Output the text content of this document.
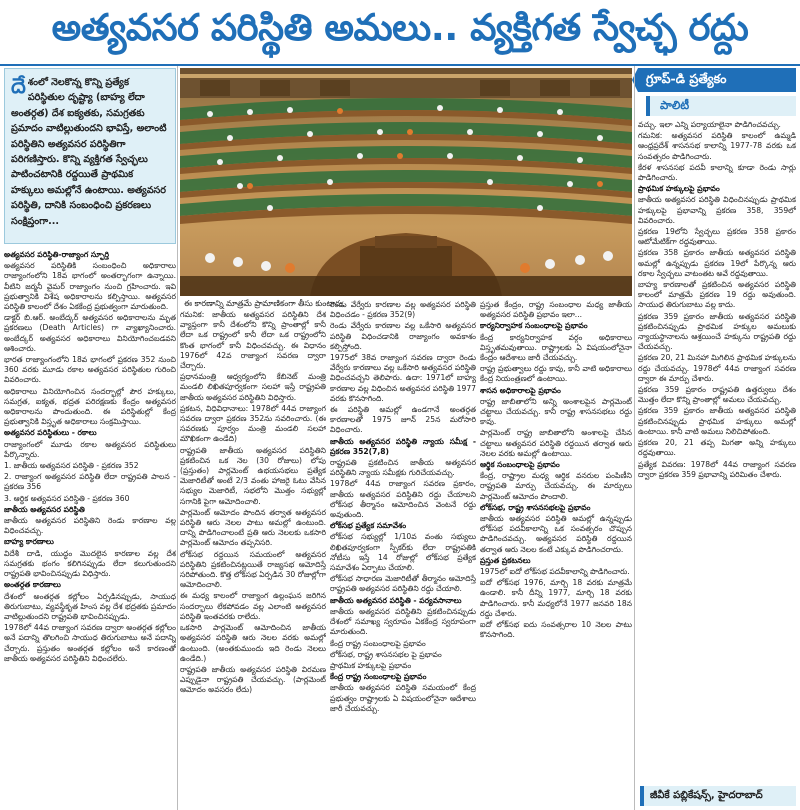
అత్యవసర పరిస్థితి అమలు.. వ్యక్తిగత స్వేచ్ఛ రద్దు
దేశంలో నెలకొన్న కొన్ని ప్రత్యేక పరిస్థితుల దృష్ట్యా (బాహ్య లేదా అంతర్గత) దేశ ఐక్యతకు, సమగ్రతకు ప్రమాదం వాటిల్లుతుందని భావిస్తే, అలాంటి పరిస్థితిని అత్యవసర పరిస్థితిగా పరిగణిస్తారు. కొన్ని వ్యక్తిగత స్వేచ్ఛలు పాటించటానికి రద్దయితే ప్రాథమిక హక్కులు అమల్లోనే ఉంటాయి. అత్యవసర పరిస్థితి, దానికి సంబంధించి ప్రకరణలు సంక్షిప్తంగా...
ఈ కారణాన్ని మాత్రమే ప్రామాణికంగా తీసు కుంటారు.
గ్రూప్-డి ప్రత్యేకం
పాలిటీ

అత్యవసర పరిస్థితి-రాజ్యాంగ స్ఫూర్తి

అత్యవసర పరిస్థితికి సంబంధించి అధికారాలు రాజ్యాంగంలోని 18వ భాగంలో అంతర్భాగంగా ఉన్నాయి. వీటిని జర్మనీ వైమర్ రాజ్యాంగం నుంచి గ్రహించారు. ఇవి ప్రభుత్వానికి విశేష అధికారాలను కల్పిస్తాయి. అత్యవసర పరిస్థితి కాలంలో దేశం ఏకకేంద్ర ప్రభుత్వంగా మారుతుంది.

డాక్టర్ బి.ఆర్. అంబేద్కర్ అత్యవసర అధికారాలను మృత ప్రకరణలు (Death Articles) గా వ్యాఖ్యానించారు. అంబేద్కర్ అత్యవసర అధికారాలు వినియోగించబడవని ఆశించారు.

భారత రాజ్యాంగంలోని 18వ భాగంలో ప్రకరణ 352 నుంచి 360 వరకు మూడు రకాల అత్యవసర పరిస్థితుల గురించి వివరించారు.

అధికారాలు వినియోగించిన సందర్భాల్లో పౌర హక్కులు, సమగ్రత, ఐక్యత, భద్రత పరిరక్షణకు కేంద్రం అత్యవసర అధికారాలను పొందుతుంది. ఈ పరిస్థితుల్లో కేంద్ర ప్రభుత్వానికి విస్తృత అధికారాలు సంక్రమిస్తాయి.

అత్యవసర పరిస్థితులు - రకాలు

రాజ్యాంగంలో మూడు రకాల అత్యవసర పరిస్థితులు పేర్కొన్నారు.

1. జాతీయ అత్యవసర పరిస్థితి - ప్రకరణ 352

2. రాజ్యాంగ అత్యవసర పరిస్థితి లేదా రాష్ట్రపతి పాలన - ప్రకరణ 356

3. ఆర్థిక అత్యవసర పరిస్థితి - ప్రకరణ 360

జాతీయ అత్యవసర పరిస్థితి

జాతీయ అత్యవసర పరిస్థితిని రెండు కారణాల వల్ల విధించవచ్చు.

బాహ్య కారణాలు

విదేశీ దాడి, యుద్ధం మొదలైన కారణాల వల్ల దేశ సమగ్రతకు భంగం కలిగినప్పుడు లేదా కలుగుతుందని రాష్ట్రపతి భావించినప్పుడు విధిస్తారు.

అంతర్గత కారణాలు

దేశంలో అంతర్గత కల్లోలం ఏర్పడినప్పుడు, సాయుధ తిరుగుబాటు, వ్యవస్థీకృత హింస వల్ల దేశ భద్రతకు ప్రమాదం వాటిల్లుతుందని రాష్ట్రపతి భావించినప్పుడు.

1978లో 44వ రాజ్యాంగ సవరణ ద్వారా అంతర్గత కల్లోలం అనే పదాన్ని తొలగించి సాయుధ తిరుగుబాటు అనే పదాన్ని చేర్చారు. ప్రస్తుతం అంతర్గత కల్లోలం అనే కారణంతో జాతీయ అత్యవసర పరిస్థితిని విధించలేరు.

గమనిక: జాతీయ అత్యవసర పరిస్థితిని దేశ వ్యాప్తంగా కానీ దేశంలోని కొన్ని ప్రాంతాల్లో కానీ లేదా ఒక రాష్ట్రంలో కానీ లేదా ఒక రాష్ట్రంలోని కొంత భాగంలో కానీ విధించవచ్చు. ఈ విధానం 1976లో 42వ రాజ్యాంగ సవరణ ద్వారా చేర్చారు.

ప్రధానమంత్రి ఆధ్వర్యంలోని కేబినెట్ మంత్రి మండలి లిఖితపూర్వకంగా సలహా ఇస్తే రాష్ట్రపతి జాతీయ అత్యవసర పరిస్థితిని విధిస్తారు.

ప్రకటన, విధివిధానాలు: 1978లో 44వ రాజ్యాంగ సవరణ ద్వారా ప్రకరణ 352ను సవరించారు. (ఈ సవరణకు పూర్వం మంత్రి మండలి సలహా మౌఖికంగా ఉండేది)

రాష్ట్రపతి జాతీయ అత్యవసర పరిస్థితిని ప్రకటించిన ఒక నెల (30 రోజులు) లోపు (ప్రస్తుతం) పార్లమెంట్ ఉభయసభలు ప్రత్యేక మెజారిటీతో అంటే 2/3 వంతు హాజరై ఓటు వేసిన సభ్యుల మెజారిటీ, సభలోని మొత్తం సభ్యుల్లో సగానికి పైగా ఆమోదించాలి.

పార్లమెంట్ ఆమోదం పొందిన తర్వాత అత్యవసర పరిస్థితి ఆరు నెలల పాటు అమల్లో ఉంటుంది. దాన్ని పొడిగించాలంటే ప్రతి ఆరు నెలలకు ఒకసారి పార్లమెంట్ ఆమోదం తప్పనిసరి.

లోక్‌సభ రద్దయిన సమయంలో అత్యవసర పరిస్థితిని ప్రకటించినట్లయితే రాజ్యసభ ఆమోదిస్తే సరిపోతుంది. కొత్త లోక్‌సభ ఏర్పడిన 30 రోజుల్లోగా ఆమోదించాలి.

ఈ మధ్య కాలంలో రాజ్యాంగ ఉల్లంఘన జరిగిన సందర్భాలు లేకపోవడం వల్ల ఎలాంటి అత్యవసర పరిస్థితి ఇంతవరకు రాలేదు.

ఒకసారి పార్లమెంట్ ఆమోదించిన జాతీయ అత్యవసర పరిస్థితి ఆరు నెలల వరకు అమల్లో ఉంటుంది. (అంతకుముందు ఇది రెండు నెలలు ఉండేది.)

రాష్ట్రపతి జాతీయ అత్యవసర పరిస్థితి విరమణ ఎప్పుడైనా రాష్ట్రపతి చేయవచ్చు. (పార్లమెంట్ ఆమోదం అవసరం లేదు)

రెండు వేర్వేరు కారణాల వల్ల అత్యవసర పరిస్థితి విధించడం - ప్రకరణ 352(9)

రెండు వేర్వేరు కారణాల వల్ల ఒకేసారి అత్యవసర పరిస్థితి విధించడానికి రాజ్యాంగం అవకాశం కల్పిస్తోంది.

1975లో 38వ రాజ్యాంగ సవరణ ద్వారా రెండు వేర్వేరు కారణాలు వల్ల ఒకేసారి అత్యవసర పరిస్థితి విధించవచ్చని తెలిపారు. ఉదా: 1971లో బాహ్య కారణాల వల్ల విధించిన అత్యవసర పరిస్థితి 1977 వరకు కొనసాగింది.

ఈ పరిస్థితి అమల్లో ఉండగానే అంతర్గత కారణాలతో 1975 జూన్ 25న మరోసారి విధించారు.

జాతీయ అత్యవసర పరిస్థితి న్యాయ సమీక్ష - ప్రకరణ 352(7,8)

రాష్ట్రపతి ప్రకటించిన జాతీయ అత్యవసర పరిస్థితిని న్యాయ సమీక్షకు గురిచేయవచ్చు.

1978లో 44వ రాజ్యాంగ సవరణ ప్రకారం, జాతీయ అత్యవసర పరిస్థితిని రద్దు చేయాలని లోక్‌సభ తీర్మానం ఆమోదించిన వెంటనే రద్దు అవుతుంది.

లోక్‌సభ ప్రత్యేక సమావేశం

లోక్‌సభ సభ్యుల్లో 1/10వ వంతు సభ్యులు లిఖితపూర్వకంగా స్పీకర్‌కు లేదా రాష్ట్రపతికి నోటీసు ఇస్తే 14 రోజుల్లో లోక్‌సభ ప్రత్యేక సమావేశం ఏర్పాటు చేయాలి.

లోక్‌సభ సాధారణ మెజారిటీతో తీర్మానం ఆమోదిస్తే రాష్ట్రపతి అత్యవసర పరిస్థితిని రద్దు చేయాలి.

జాతీయ అత్యవసర పరిస్థితి - పర్యవసానాలు

జాతీయ అత్యవసర పరిస్థితిని ప్రకటించినప్పుడు దేశంలో సమాఖ్య స్వరూపం ఏకకేంద్ర స్వరూపంగా మారుతుంది.

కేంద్ర రాష్ట్ర సంబంధాలపై ప్రభావం

లోక్‌సభ, రాష్ట్ర శాసనసభల పై ప్రభావం

ప్రాథమిక హక్కులపై ప్రభావం

కేంద్ర రాష్ట్ర సంబంధాలపై ప్రభావం

జాతీయ అత్యవసర పరిస్థితి సమయంలో కేంద్ర ప్రభుత్వం రాష్ట్రాలకు ఏ విషయంలోనైనా ఆదేశాలు జారీ చేయవచ్చు.

ప్రస్తుత కేంద్రం, రాష్ట్ర సంబంధాల మధ్య జాతీయ అత్యవసర పరిస్థితి ప్రభావం ఇలా...

కార్యనిర్వాహక సంబంధాలపై ప్రభావం

కేంద్ర కార్యనిర్వాహక వర్గం అధికారాలు విస్తృతమవుతాయి. రాష్ట్రాలకు ఏ విషయంలోనైనా కేంద్రం ఆదేశాలు జారీ చేయవచ్చు.

రాష్ట్ర ప్రభుత్వాలు రద్దు కావు, కానీ వాటి అధికారాలు కేంద్ర నియంత్రణలో ఉంటాయి.

శాసన అధికారాలపై ప్రభావం

రాష్ట్ర జాబితాలోని అన్ని అంశాలపైన పార్లమెంట్ చట్టాలు చేయవచ్చు. కానీ రాష్ట్ర శాసనసభలు రద్దు కావు.

పార్లమెంట్ రాష్ట్ర జాబితాలోని అంశాలపై చేసిన చట్టాలు అత్యవసర పరిస్థితి రద్దయిన తర్వాత ఆరు నెలల వరకు అమల్లో ఉంటాయి.

ఆర్థిక సంబంధాలపై ప్రభావం

కేంద్ర, రాష్ట్రాల మధ్య ఆర్థిక వనరుల పంపిణీని రాష్ట్రపతి మార్పు చేయవచ్చు. ఈ మార్పులు పార్లమెంట్ ఆమోదం పొందాలి.

లోక్‌సభ, రాష్ట్ర శాసనసభలపై ప్రభావం

జాతీయ అత్యవసర పరిస్థితి అమల్లో ఉన్నప్పుడు లోక్‌సభ పదవీకాలాన్ని ఒక సంవత్సరం చొప్పున పొడిగించవచ్చు. అత్యవసర పరిస్థితి రద్దయిన తర్వాత ఆరు నెలల కంటే ఎక్కువ పొడిగించరాదు.

ప్రస్తుత ప్రకటనలు

1975లో ఐదో లోక్‌సభ పదవీకాలాన్ని పొడిగించారు.

ఐదో లోక్‌సభ 1976, మార్చి 18 వరకు మాత్రమే ఉండాలి. కానీ దీన్ని 1977, మార్చి 18 వరకు పొడిగించారు. కానీ మధ్యలోనే 1977 జనవరి 18న రద్దు చేశారు.

ఐదో లోక్‌సభ ఐదు సంవత్సరాల 10 నెలల పాటు కొనసాగింది.

వచ్చు. ఇలా ఎన్ని పర్యాయాలైనా పొడిగించవచ్చు.

గమనిక: అత్యవసర పరిస్థితి కాలంలో ఉమ్మడి ఆంధ్రప్రదేశ్ శాసనసభ కాలాన్ని 1977-78 వరకు ఒక సంవత్సరం పొడిగించారు.

కేరళ శాసనసభ పదవీ కాలాన్ని కూడా రెండు సార్లు పొడిగించారు.

ప్రాథమిక హక్కులపై ప్రభావం

జాతీయ అత్యవసర పరిస్థితి విధించినప్పుడు ప్రాథమిక హక్కులపై ప్రభావాన్ని ప్రకరణ 358, 359లో వివరించారు.

ప్రకరణ 19లోని స్వేచ్ఛలు ప్రకరణ 358 ప్రకారం ఆటోమేటిక్‌గా రద్దవుతాయి.

ప్రకరణ 358 ప్రకారం జాతీయ అత్యవసర పరిస్థితి అమల్లో ఉన్నప్పుడు ప్రకరణ 19లో పేర్కొన్న ఆరు రకాల స్వేచ్ఛలు వాటంతట అవే రద్దవుతాయి.

బాహ్య కారణాలతో ప్రకటించిన అత్యవసర పరిస్థితి కాలంలో మాత్రమే ప్రకరణ 19 రద్దు అవుతుంది. సాయుధ తిరుగుబాటు వల్ల కాదు.

ప్రకరణ 359 ప్రకారం జాతీయ అత్యవసర పరిస్థితి ప్రకటించినప్పుడు ప్రాథమిక హక్కుల అమలుకు న్యాయస్థానాలను ఆశ్రయించే హక్కును రాష్ట్రపతి రద్దు చేయవచ్చు.

ప్రకరణ 20, 21 మినహా మిగిలిన ప్రాథమిక హక్కులను రద్దు చేయవచ్చు. 1978లో 44వ రాజ్యాంగ సవరణ ద్వారా ఈ మార్పు చేశారు.

ప్రకరణ 359 ప్రకారం రాష్ట్రపతి ఉత్తర్వులు దేశం మొత్తం లేదా కొన్ని ప్రాంతాల్లో అమలు చేయవచ్చు.

ప్రకరణ 359 ప్రకారం జాతీయ అత్యవసర పరిస్థితి ప్రకటించినప్పుడు ప్రాథమిక హక్కులు అమల్లో ఉంటాయి. కానీ వాటి అమలు నిలిచిపోతుంది.

ప్రకరణ 20, 21 తప్ప మిగతా అన్ని హక్కులు రద్దవుతాయి.

ప్రత్యేక వివరణ: 1978లో 44వ రాజ్యాంగ సవరణ ద్వారా ప్రకరణ 359 ప్రభావాన్ని పరిమితం చేశారు.

జీవీకే పబ్లికేషన్స్, హైదరాబాద్
